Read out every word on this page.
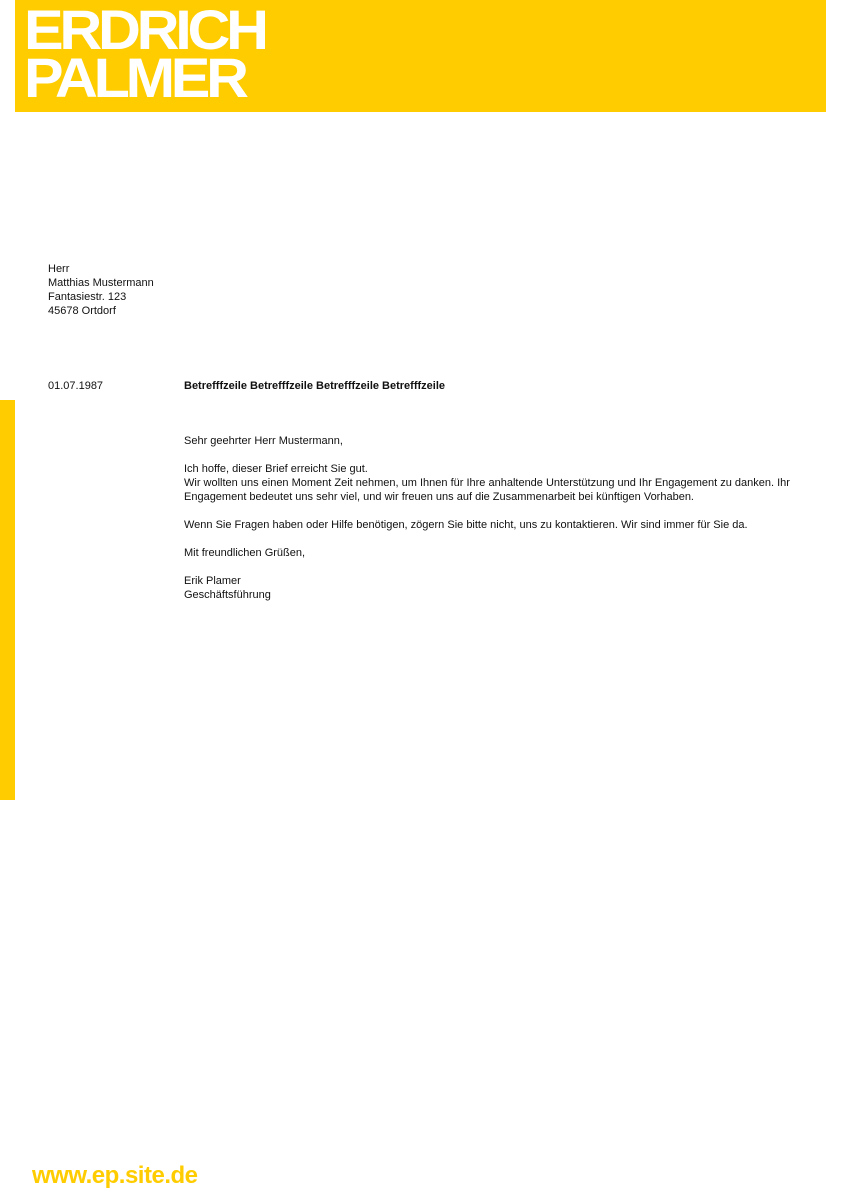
ERDRICH
PALMER
Herr
Matthias Mustermann
Fantasiestr. 123
45678 Ortdorf
01.07.1987	Betrefffzeile Betrefffzeile Betrefffzeile Betrefffzeile

Sehr geehrter Herr Mustermann,

Ich hoffe, dieser Brief erreicht Sie gut.
Wir wollten uns einen Moment Zeit nehmen, um Ihnen für Ihre anhaltende Unterstützung und Ihr Engagement zu danken. Ihr
Engagement bedeutet uns sehr viel, und wir freuen uns auf die Zusammenarbeit bei künftigen Vorhaben.

Wenn Sie Fragen haben oder Hilfe benötigen, zögern Sie bitte nicht, uns zu kontaktieren. Wir sind immer für Sie da.

Mit freundlichen Grüßen,

Erik Plamer
Geschäftsführung

www.ep.site.de
